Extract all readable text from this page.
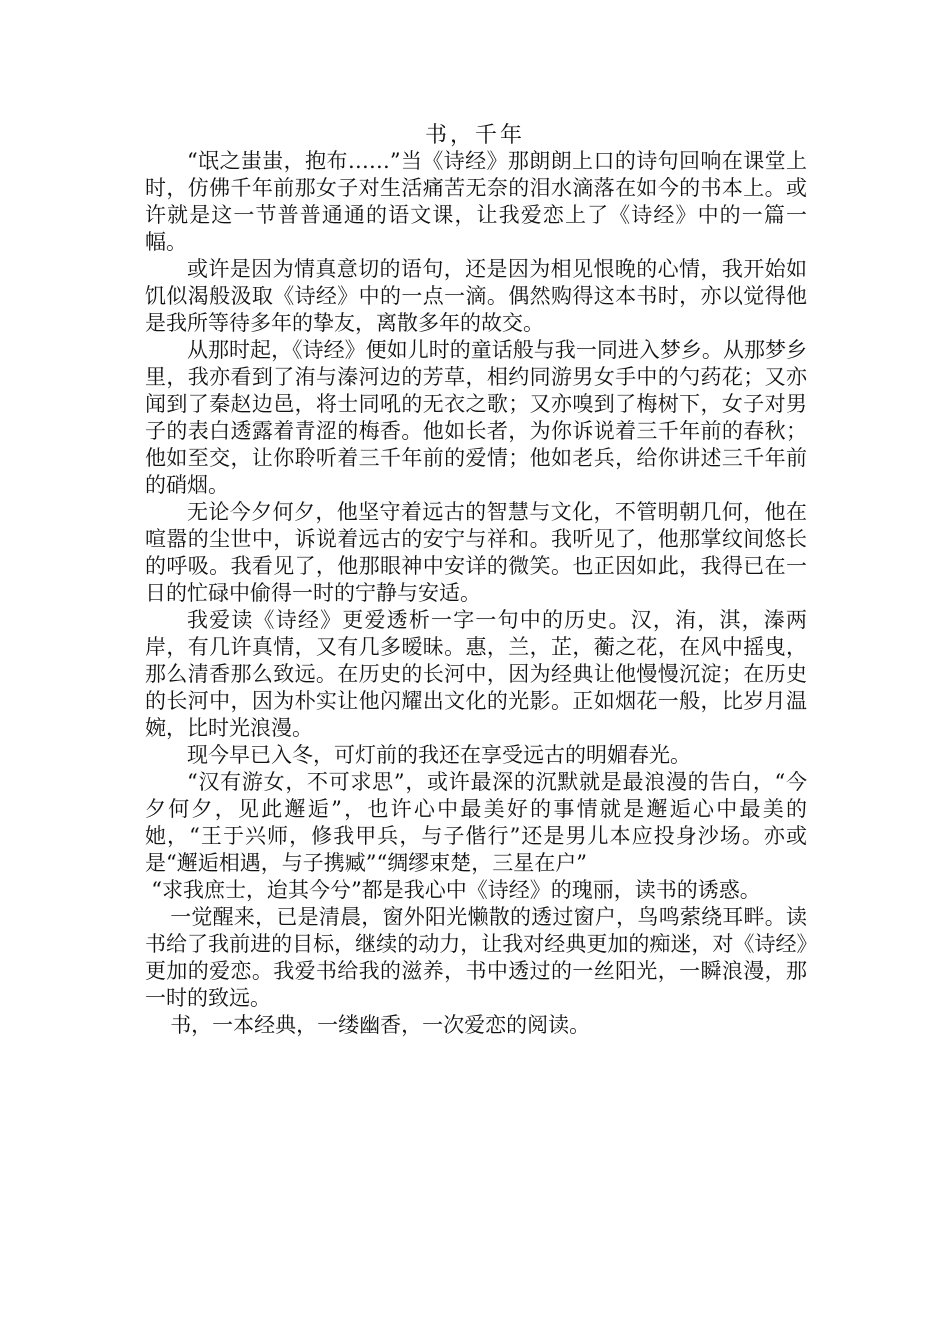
书，千年

“氓之蚩蚩，抱布……”当《诗经》那朗朗上口的诗句回响在课堂上时，仿佛千年前那女子对生活痛苦无奈的泪水滴落在如今的书本上。或许就是这一节普普通通的语文课，让我爱恋上了《诗经》中的一篇一幅。

或许是因为情真意切的语句，还是因为相见恨晚的心情，我开始如饥似渴般汲取《诗经》中的一点一滴。偶然购得这本书时，亦以觉得他是我所等待多年的挚友，离散多年的故交。

从那时起，《诗经》便如儿时的童话般与我一同进入梦乡。从那梦乡里，我亦看到了洧与溱河边的芳草，相约同游男女手中的勺药花；又亦闻到了秦赵边邑，将士同吼的无衣之歌；又亦嗅到了梅树下，女子对男子的表白透露着青涩的梅香。他如长者，为你诉说着三千年前的春秋；他如至交，让你聆听着三千年前的爱情；他如老兵，给你讲述三千年前的硝烟。

无论今夕何夕，他坚守着远古的智慧与文化，不管明朝几何，他在喧嚣的尘世中，诉说着远古的安宁与祥和。我听见了，他那掌纹间悠长的呼吸。我看见了，他那眼神中安详的微笑。也正因如此，我得已在一日的忙碌中偷得一时的宁静与安适。

我爱读《诗经》更爱透析一字一句中的历史。汉，洧，淇，溱两岸，有几许真情，又有几多暧昧。惠，兰，芷，蘅之花，在风中摇曳，那么清香那么致远。在历史的长河中，因为经典让他慢慢沉淀；在历史的长河中，因为朴实让他闪耀出文化的光影。正如烟花一般，比岁月温婉，比时光浪漫。

现今早已入冬，可灯前的我还在享受远古的明媚春光。

“汉有游女，不可求思”，或许最深的沉默就是最浪漫的告白，“今夕何夕，见此邂逅”，也许心中最美好的事情就是邂逅心中最美的她，“王于兴师，修我甲兵，与子偕行”还是男儿本应投身沙场。亦或是“邂逅相遇，与子携臧”“绸缪束楚，三星在户”

“求我庶士，迨其今兮”都是我心中《诗经》的瑰丽，读书的诱惑。

一觉醒来，已是清晨，窗外阳光懒散的透过窗户，鸟鸣萦绕耳畔。读书给了我前进的目标，继续的动力，让我对经典更加的痴迷，对《诗经》更加的爱恋。我爱书给我的滋养，书中透过的一丝阳光，一瞬浪漫，那一时的致远。

书，一本经典，一缕幽香，一次爱恋的阅读。
